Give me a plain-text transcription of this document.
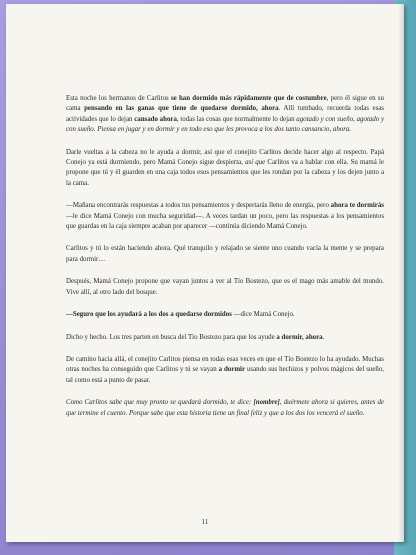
Esta noche los hermanos de Carlitos se han dormido más rápidamente que de costumbre, pero él sigue en su cama pensando en las ganas que tiene de quedarse dormido, ahora. Allí tumbado, recuerda todas esas actividades que lo dejan cansado ahora, todas las cosas que normalmente lo dejan agotado y con sueño, agotado y con sueño. Piensa en jugar y en dormir y en todo eso que les provoca a los dos tanto cansancio, ahora.

Darle vueltas a la cabeza no le ayuda a dormir, así que el conejito Carlitos decide hacer algo al respecto. Papá Conejo ya está durmiendo, pero Mamá Conejo sigue despierta, así que Carlitos va a hablar con ella. Su mamá le propone que tú y él guarden en una caja todos esos pensamientos que les rondan por la cabeza y los dejen junto a la cama.

—Mañana encontrarás respuestas a todos tus pensamientos y despertarás lleno de energía, pero ahora te dormirás —le dice Mamá Conejo con mucha seguridad—. A veces tardan un poco, pero las respuestas a los pensamientos que guardas en la caja siempre acaban por aparecer —continúa diciendo Mamá Conejo.

Carlitos y tú lo están haciendo ahora. Qué tranquilo y relajado se siente uno cuando vacía la mente y se prepara para dormir…

Después, Mamá Conejo propone que vayan juntos a ver al Tío Bostezo, que es el mago más amable del mundo. Vive allí, al otro lado del bosque.

—Seguro que los ayudará a los dos a quedarse dormidos —dice Mamá Conejo.

Dicho y hecho. Los tres parten en busca del Tío Bostezo para que los ayude a dormir, ahora.

De camino hacia allá, el conejito Carlitos piensa en todas esas veces en que el Tío Bostezo lo ha ayudado. Muchas otras noches ha conseguido que Carlitos y tú se vayan a dormir usando sus hechizos y polvos mágicos del sueño, tal como está a punto de pasar.

Como Carlitos sabe que muy pronto se quedará dormido, te dice: [nombre], duérmete ahora si quieres, antes de que termine el cuento. Porque sabe que esta historia tiene un final feliz y que a los dos los vencerá el sueño.

11
